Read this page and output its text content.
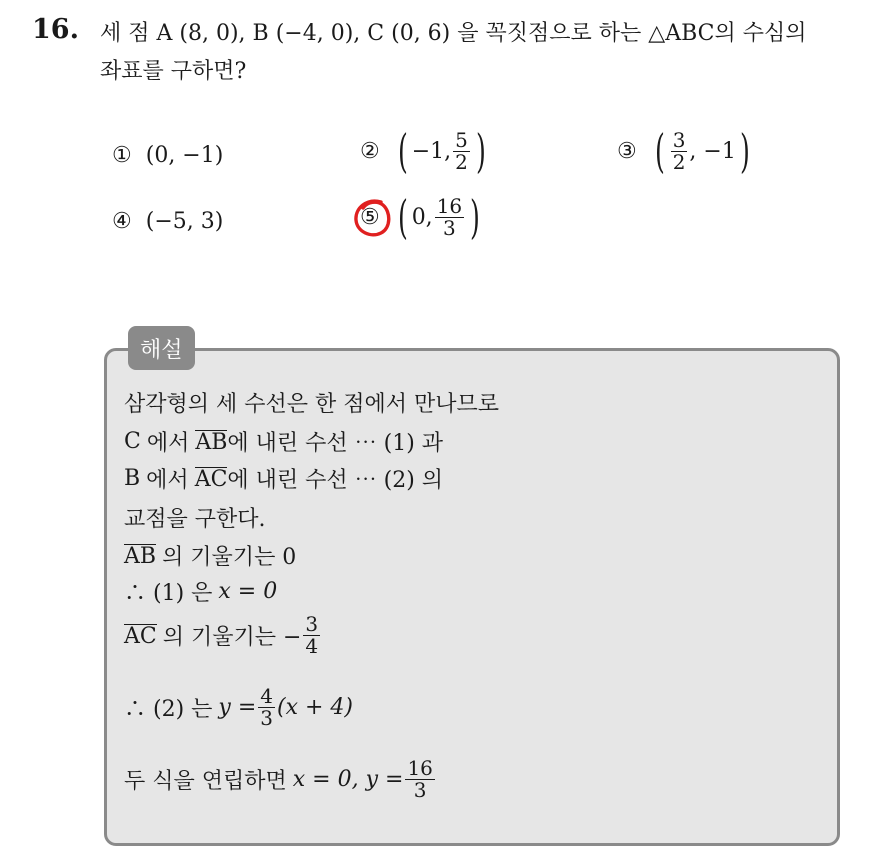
16. 세 점 A (8, 0), B (−4, 0), C (0, 6) 을 꼭짓점으로 하는 △ABC의 수심의
좌표를 구하면?
① (0, −1)	② ( −1, $\frac{5}{2}$ )	③ ( $\frac{3}{2}$ , −1 )
④ (−5, 3)	⑤ ( 0, $\frac{16}{3}$ )
해설
삼각형의 세 수선은 한 점에서 만나므로
C 에서 AB 에 내린 수선 ⋯ (1) 과
B 에서 AC 에 내린 수선 ⋯ (2) 의
교점을 구한다.
AB 의 기울기는 0
∴ (1) 은 x = 0
AC 의 기울기는 − $\frac{3}{4}$
∴ (2) 는 $y = \frac{4}{3} (x + 4)$
두 식을 연립하면 x = 0, $y = \frac{16}{3}$
